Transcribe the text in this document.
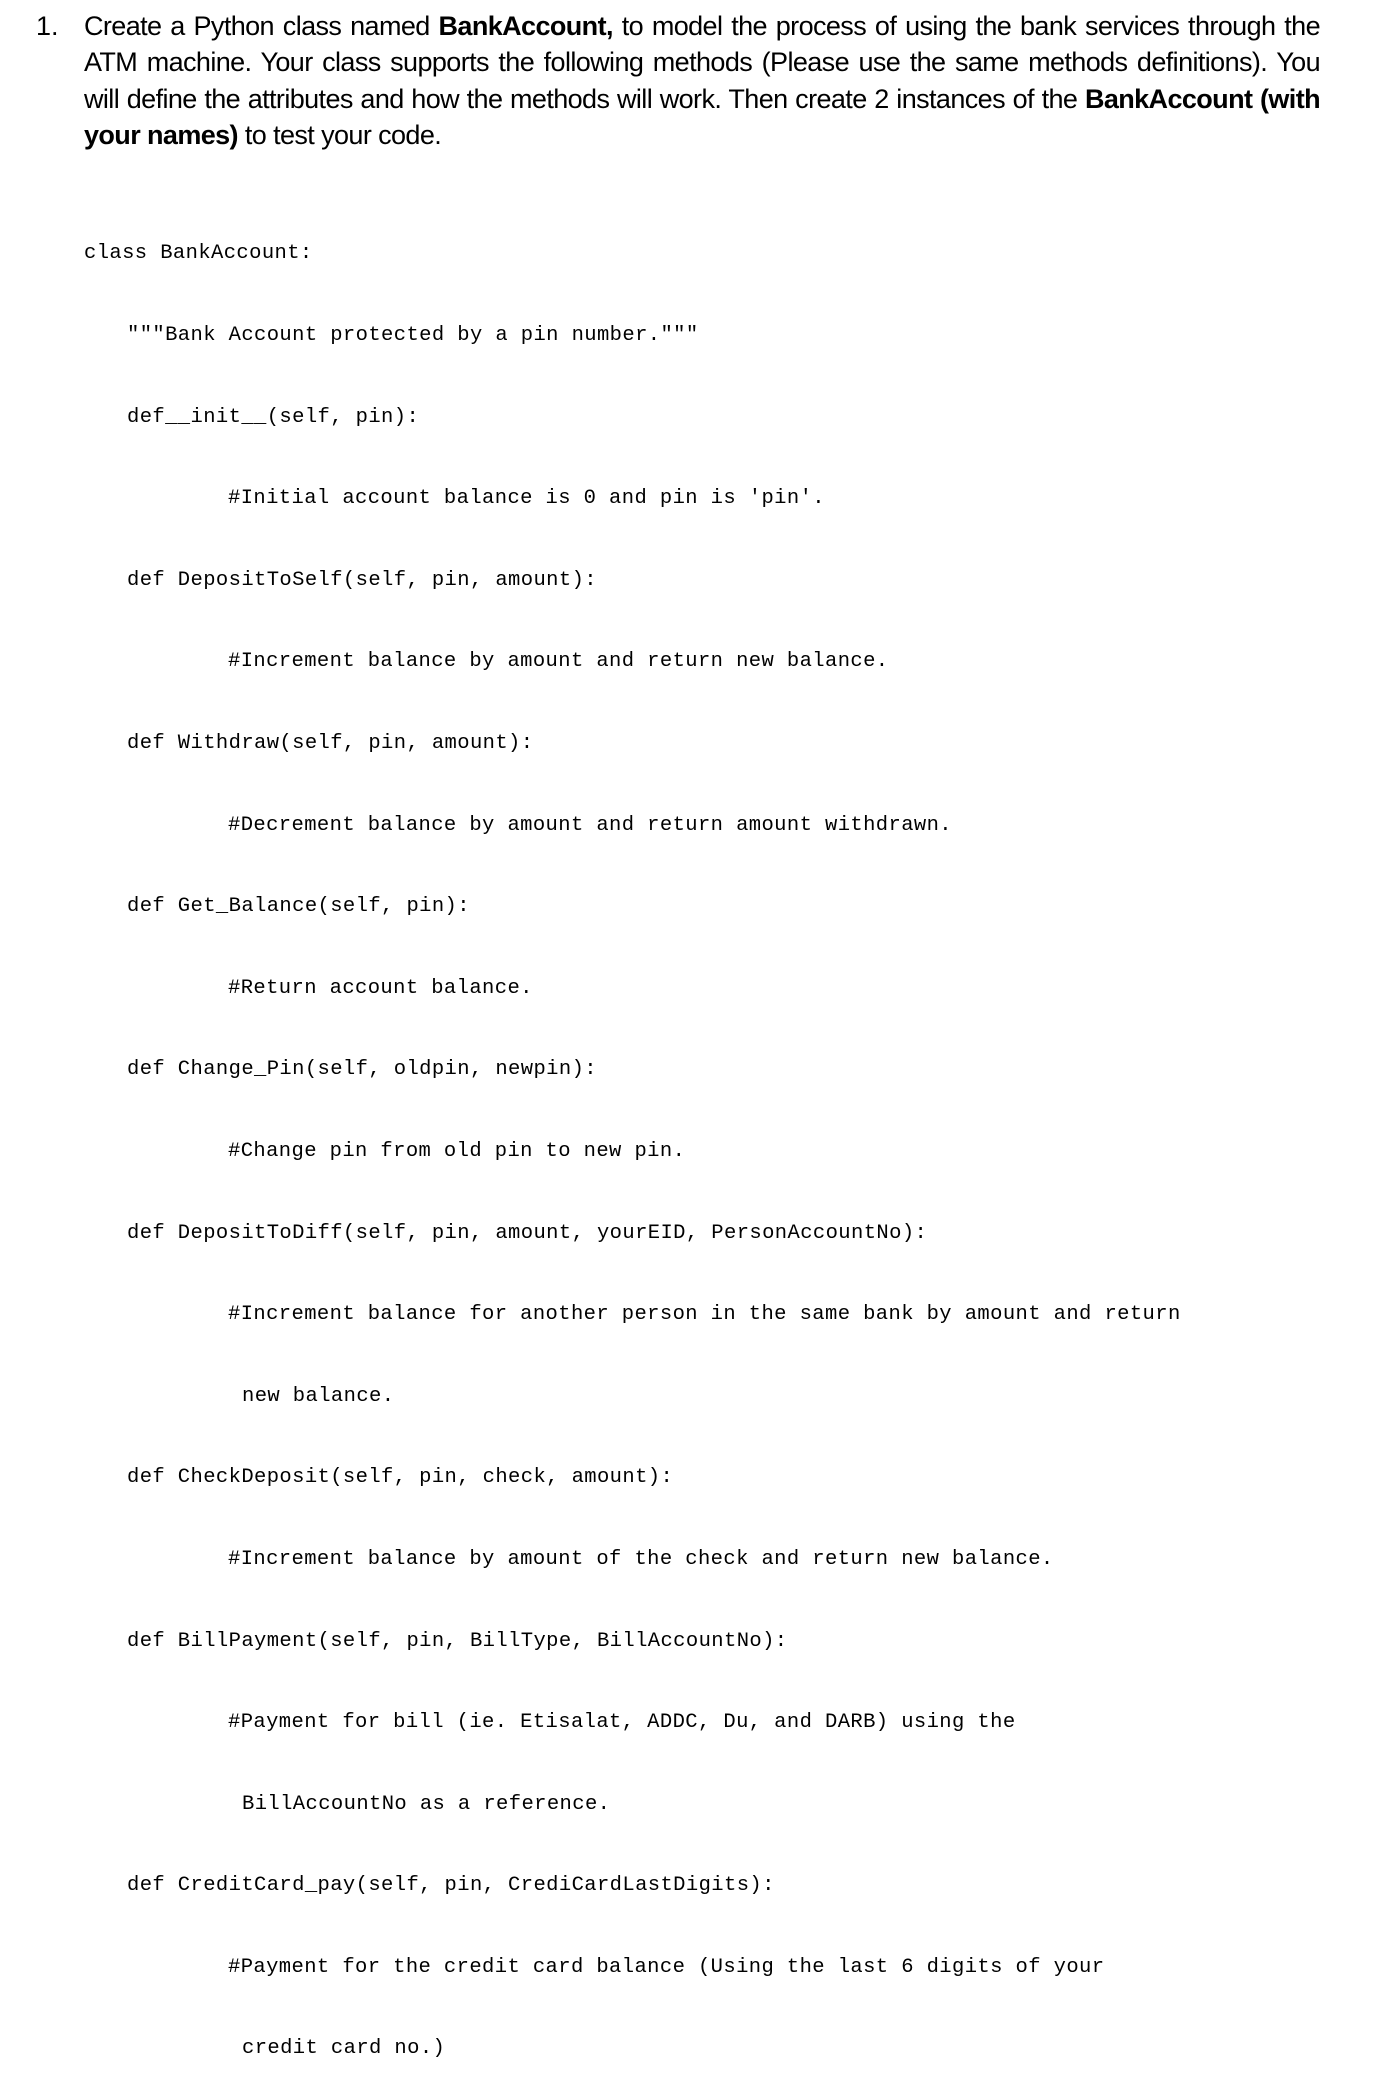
1. Create a Python class named BankAccount, to model the process of using the bank services through the ATM machine. Your class supports the following methods (Please use the same methods definitions). You will define the attributes and how the methods will work. Then create 2 instances of the BankAccount (with your names) to test your code.

class BankAccount:

"""Bank Account protected by a pin number."""

def__init__(self, pin):

#Initial account balance is 0 and pin is 'pin'.

def DepositToSelf(self, pin, amount):

#Increment balance by amount and return new balance.

def Withdraw(self, pin, amount):

#Decrement balance by amount and return amount withdrawn.

def Get_Balance(self, pin):

#Return account balance.

def Change_Pin(self, oldpin, newpin):

#Change pin from old pin to new pin.

def DepositToDiff(self, pin, amount, yourEID, PersonAccountNo):

#Increment balance for another person in the same bank by amount and return

new balance.

def CheckDeposit(self, pin, check, amount):

#Increment balance by amount of the check and return new balance.

def BillPayment(self, pin, BillType, BillAccountNo):

#Payment for bill (ie. Etisalat, ADDC, Du, and DARB) using the

BillAccountNo as a reference.

def CreditCard_pay(self, pin, CrediCardLastDigits):

#Payment for the credit card balance (Using the last 6 digits of your

credit card no.)
